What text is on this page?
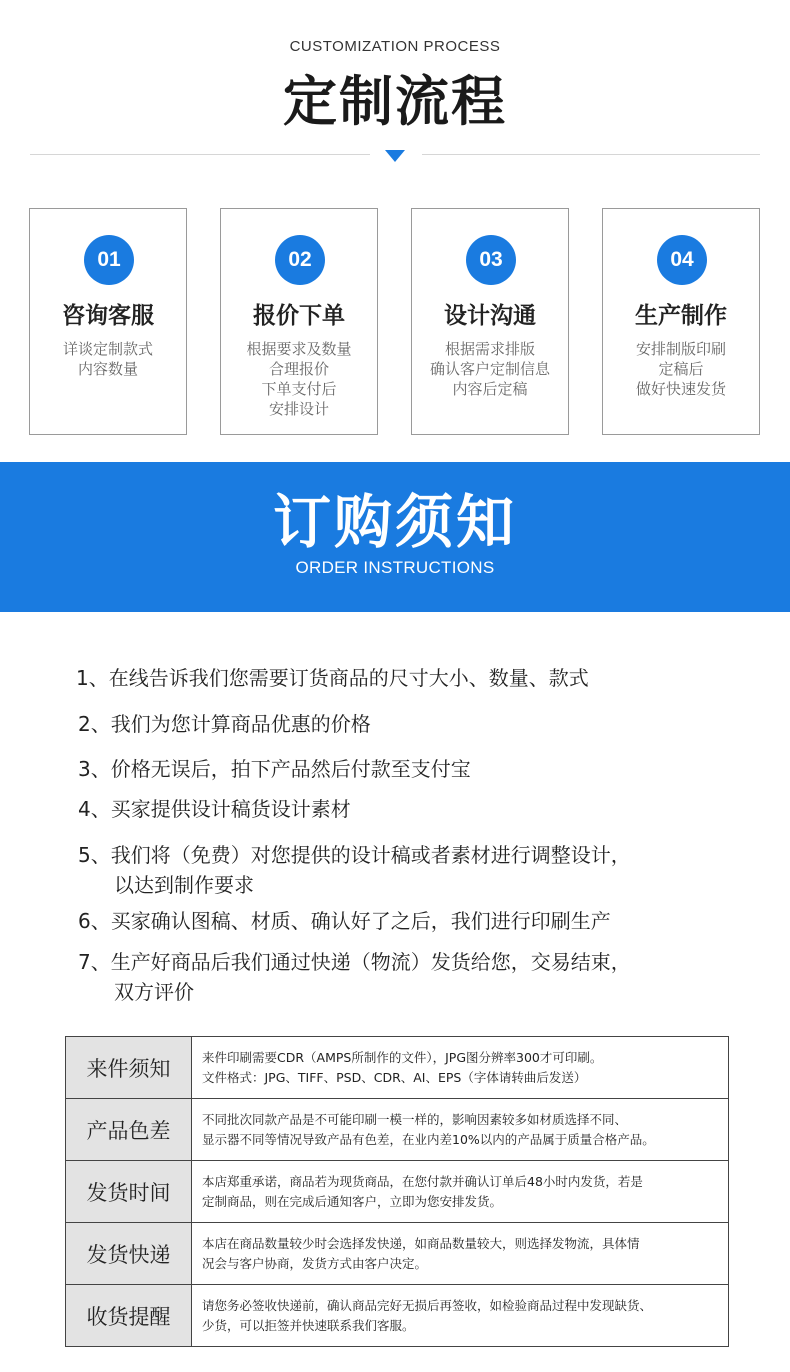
CUSTOMIZATION PROCESS
定制流程
01
咨询客服
详谈定制款式
内容数量
02
报价下单
根据要求及数量
合理报价
下单支付后
安排设计
03
设计沟通
根据需求排版
确认客户定制信息
内容后定稿
04
生产制作
安排制版印刷
定稿后
做好快速发货
订购须知
ORDER INSTRUCTIONS
1、在线告诉我们您需要订货商品的尺寸大小、数量、款式
2、我们为您计算商品优惠的价格
3、价格无误后，拍下产品然后付款至支付宝
4、买家提供设计稿货设计素材
5、我们将（免费）对您提供的设计稿或者素材进行调整设计，
以达到制作要求
6、买家确认图稿、材质、确认好了之后，我们进行印刷生产
7、生产好商品后我们通过快递（物流）发货给您，交易结束，
双方评价
来件须知	来件印刷需要CDR（AMPS所制作的文件），JPG图分辨率300才可印刷。
文件格式：JPG、TIFF、PSD、CDR、AI、EPS（字体请转曲后发送）

产品色差	不同批次同款产品是不可能印刷一模一样的，影响因素较多如材质选择不同、
显示器不同等情况导致产品有色差，在业内差10%以内的产品属于质量合格产品。

发货时间	本店郑重承诺，商品若为现货商品，在您付款并确认订单后48小时内发货，若是
定制商品，则在完成后通知客户，立即为您安排发货。

发货快递	本店在商品数量较少时会选择发快递，如商品数量较大，则选择发物流，具体情
况会与客户协商，发货方式由客户决定。

收货提醒	请您务必签收快递前，确认商品完好无损后再签收，如检验商品过程中发现缺货、
少货，可以拒签并快速联系我们客服。
